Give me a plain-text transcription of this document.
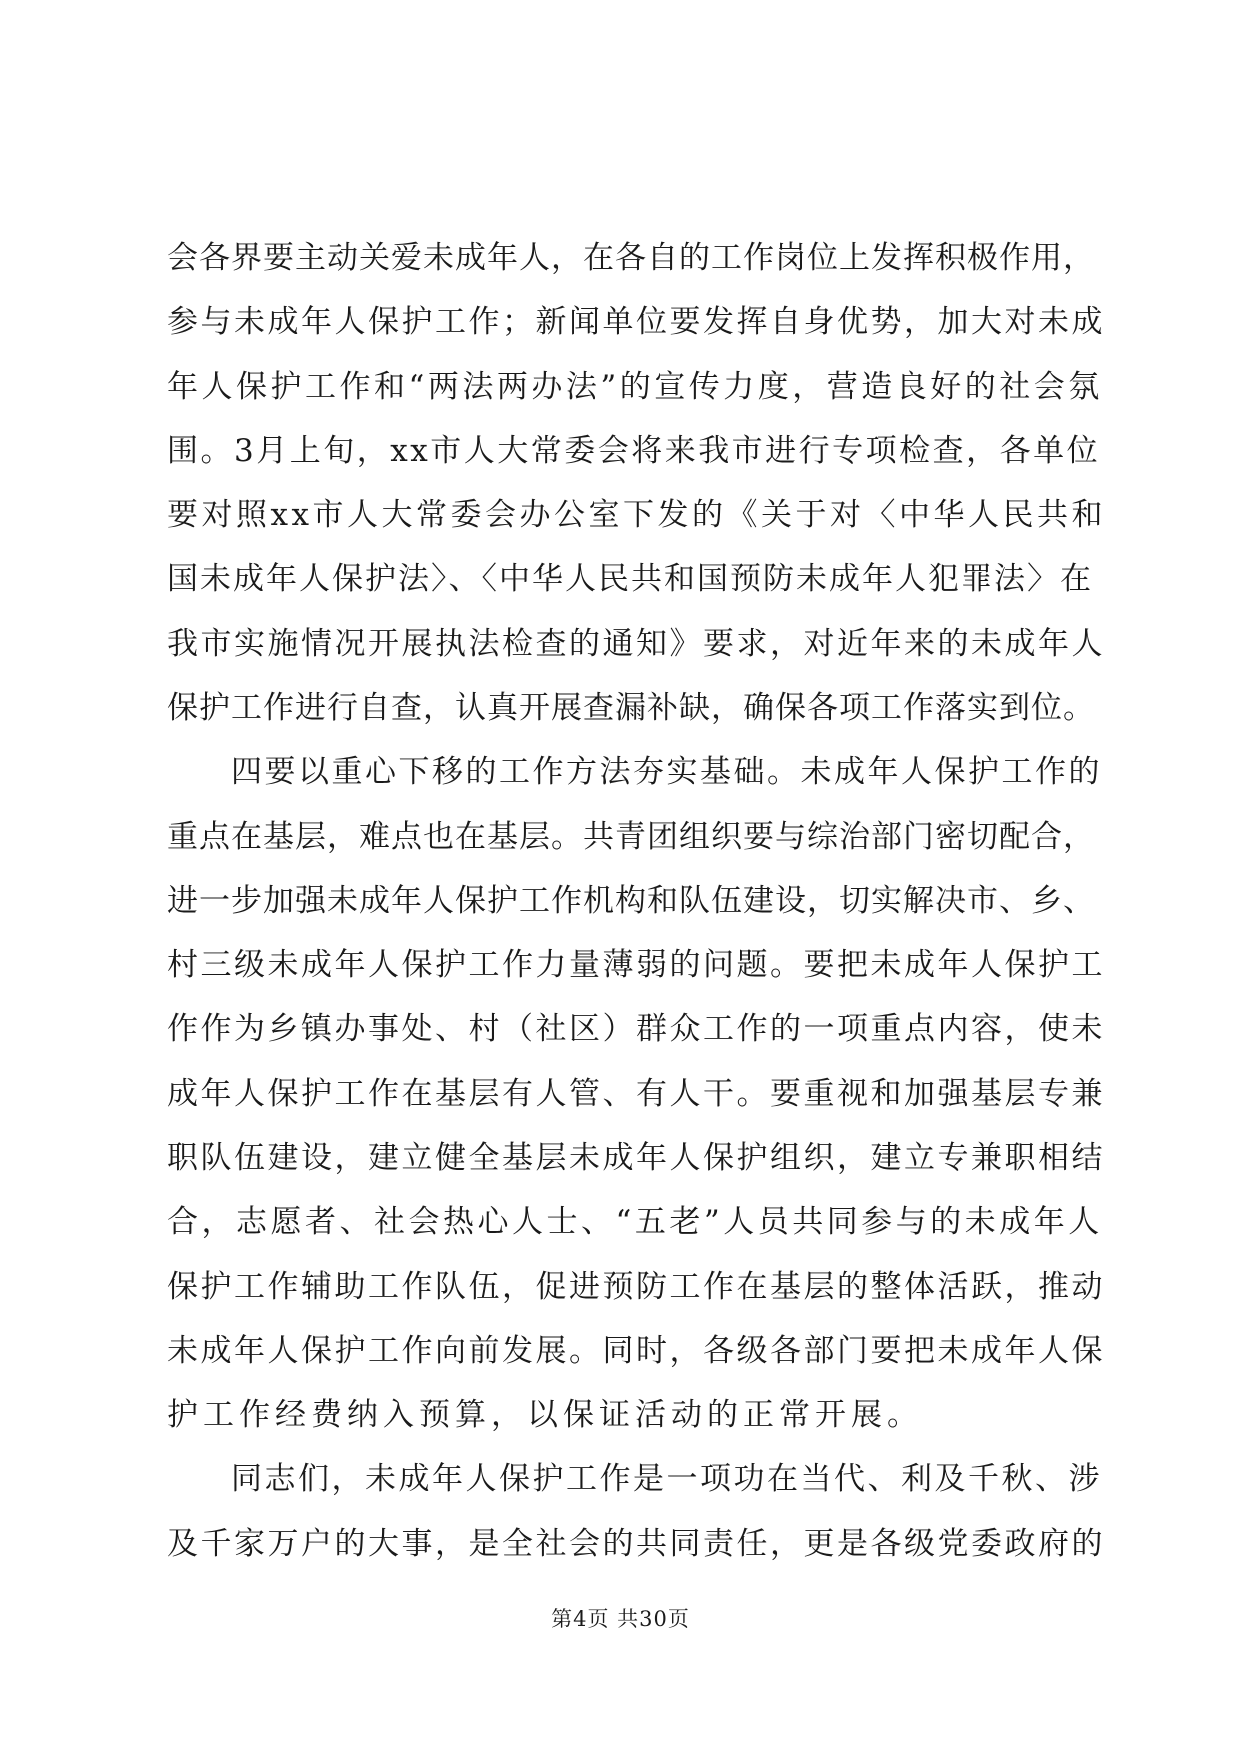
会各界要主动关爱未成年人，在各自的工作岗位上发挥积极作用，
参与未成年人保护工作；新闻单位要发挥自身优势，加大对未成
年人保护工作和“两法两办法”的宣传力度，营造良好的社会氛
围。3月上旬，xx市人大常委会将来我市进行专项检查，各单位
要对照xx市人大常委会办公室下发的《关于对〈中华人民共和
国未成年人保护法〉、〈中华人民共和国预防未成年人犯罪法〉在
我市实施情况开展执法检查的通知》要求，对近年来的未成年人
保护工作进行自查，认真开展查漏补缺，确保各项工作落实到位。
四要以重心下移的工作方法夯实基础。未成年人保护工作的
重点在基层，难点也在基层。共青团组织要与综治部门密切配合，
进一步加强未成年人保护工作机构和队伍建设，切实解决市、乡、
村三级未成年人保护工作力量薄弱的问题。要把未成年人保护工
作作为乡镇办事处、村（社区）群众工作的一项重点内容，使未
成年人保护工作在基层有人管、有人干。要重视和加强基层专兼
职队伍建设，建立健全基层未成年人保护组织，建立专兼职相结
合，志愿者、社会热心人士、“五老”人员共同参与的未成年人
保护工作辅助工作队伍，促进预防工作在基层的整体活跃，推动
未成年人保护工作向前发展。同时，各级各部门要把未成年人保
护工作经费纳入预算，以保证活动的正常开展。
同志们，未成年人保护工作是一项功在当代、利及千秋、涉
及千家万户的大事，是全社会的共同责任，更是各级党委政府的
第4页 共30页
